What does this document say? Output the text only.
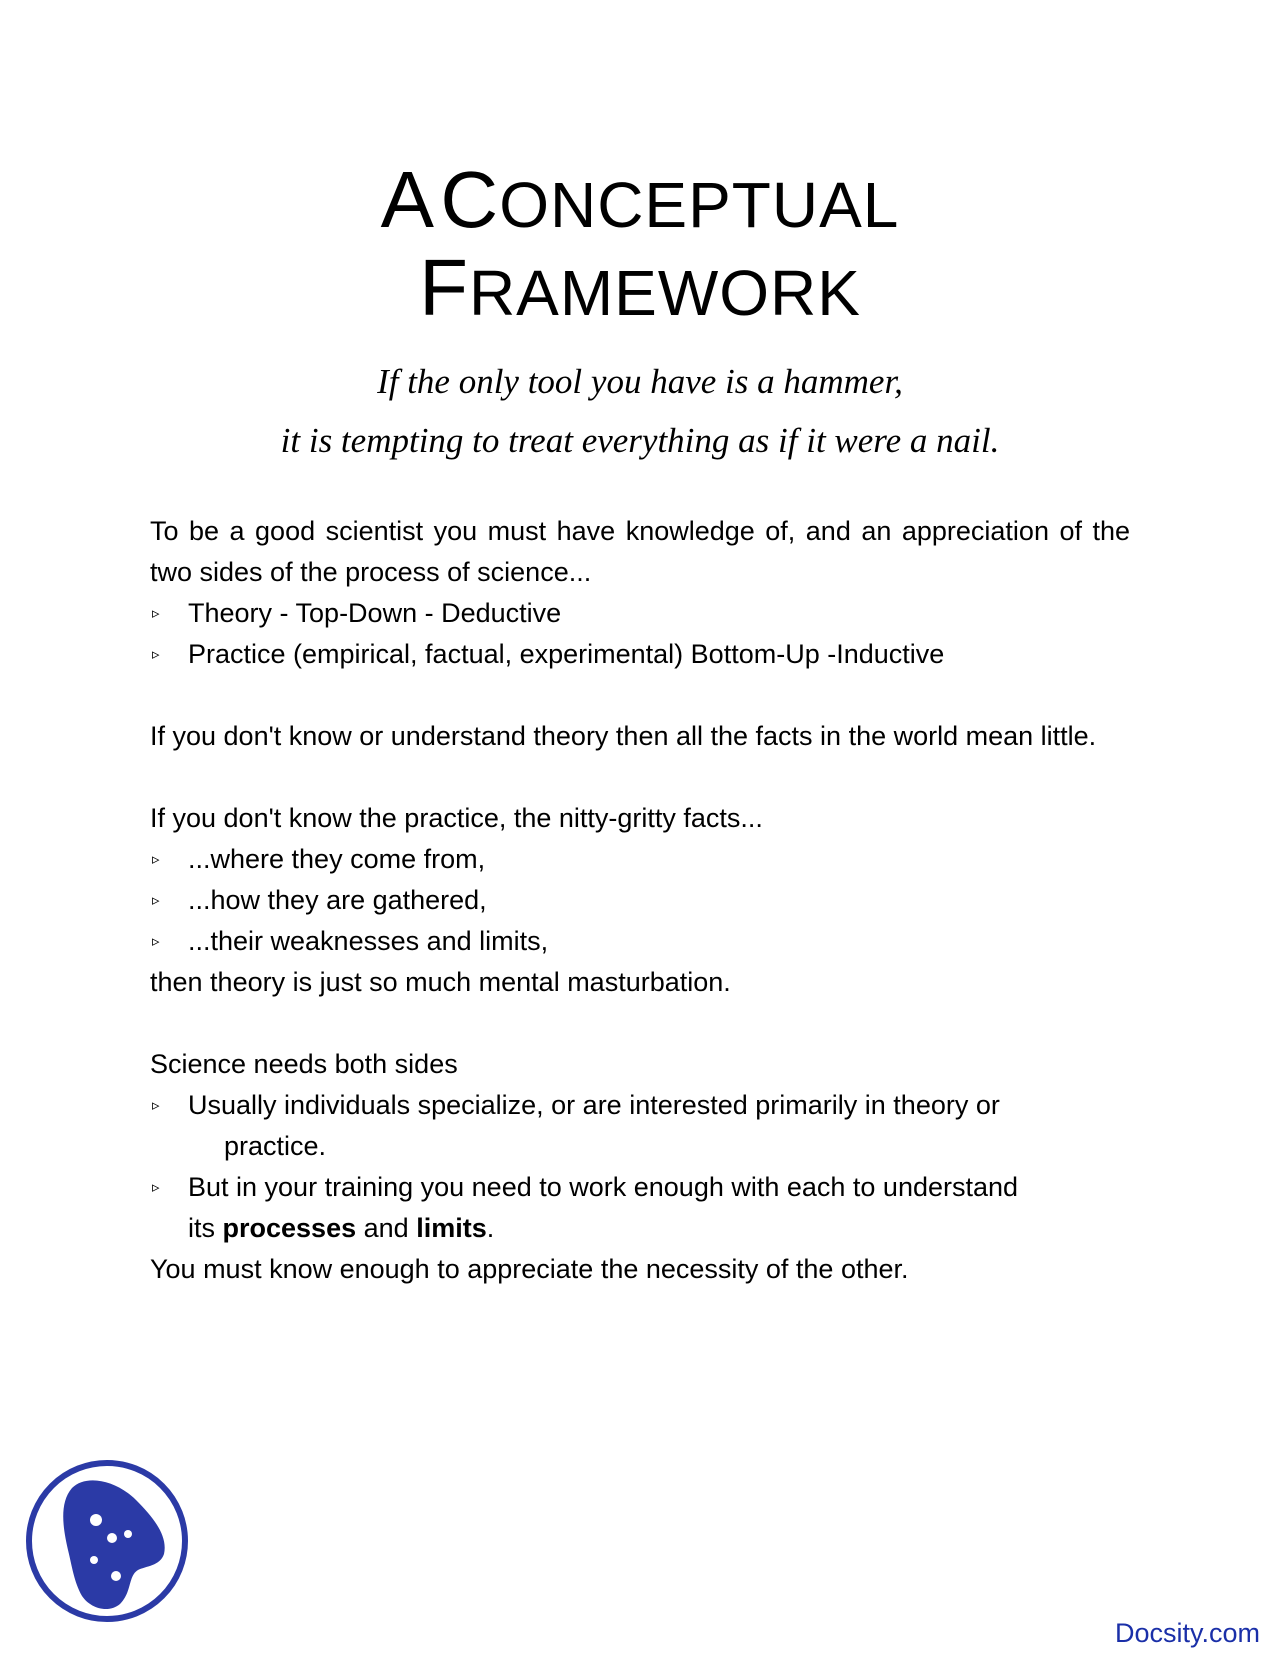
A CONCEPTUAL
FRAMEWORK
If the only tool you have is a hammer,
it is tempting to treat everything as if it were a nail.

To be a good scientist you must have knowledge of, and an appreciation of the two sides of the process of science...

▹ Theory - Top-Down - Deductive
▹ Practice (empirical, factual, experimental) Bottom-Up -Inductive

If you don't know or understand theory then all the facts in the world mean little.

If you don't know the practice, the nitty-gritty facts...

▹ ...where they come from,
▹ ...how they are gathered,
▹ ...their weaknesses and limits,

then theory is just so much mental masturbation.

Science needs both sides

▹ Usually individuals specialize, or are interested primarily in theory or
practice.
▹ But in your training you need to work enough with each to understand
its processes and limits.

You must know enough to appreciate the necessity of the other.

Docsity.com
